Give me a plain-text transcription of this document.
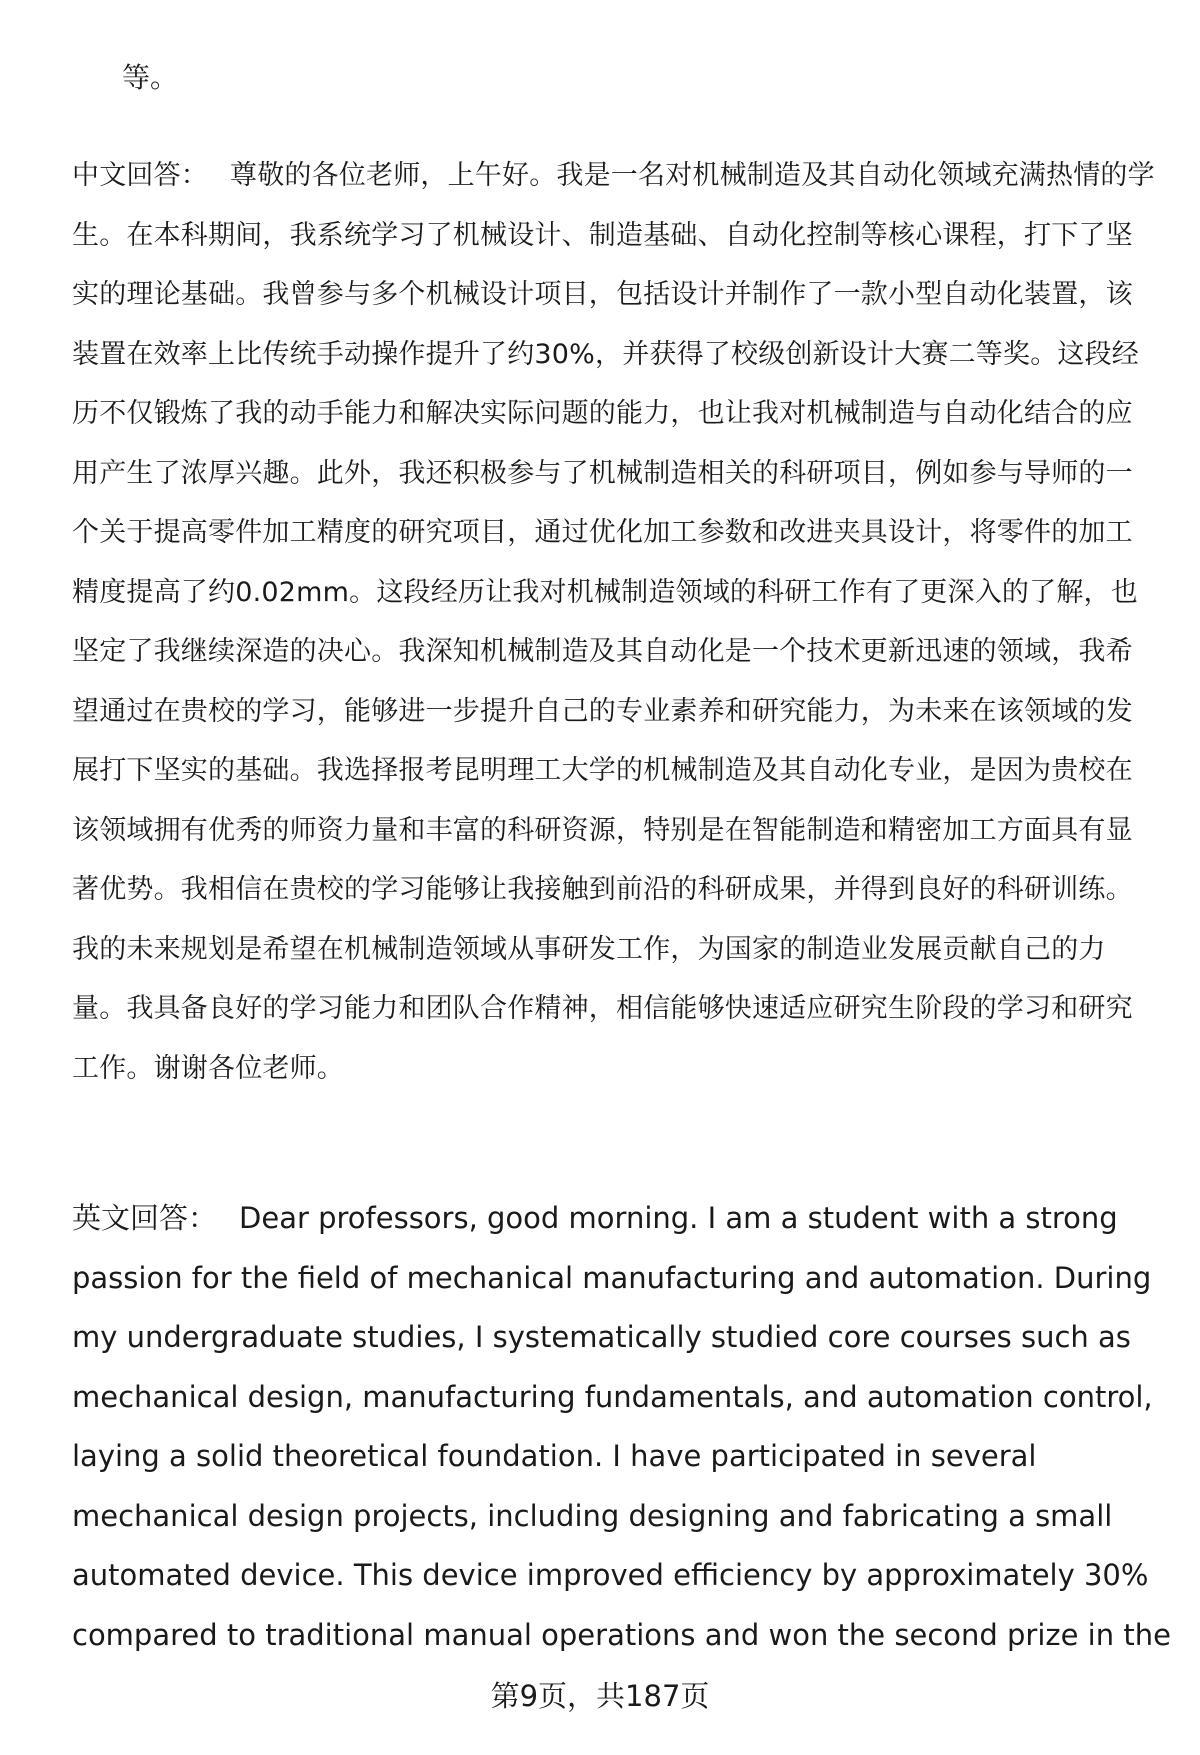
等。

中文回答： 尊敬的各位老师，上午好。我是一名对机械制造及其自动化领域充满热情的学生。在本科期间，我系统学习了机械设计、制造基础、自动化控制等核心课程，打下了坚实的理论基础。我曾参与多个机械设计项目，包括设计并制作了一款小型自动化装置，该装置在效率上比传统手动操作提升了约30%，并获得了校级创新设计大赛二等奖。这段经历不仅锻炼了我的动手能力和解决实际问题的能力，也让我对机械制造与自动化结合的应用产生了浓厚兴趣。此外，我还积极参与了机械制造相关的科研项目，例如参与导师的一个关于提高零件加工精度的研究项目，通过优化加工参数和改进夹具设计，将零件的加工精度提高了约0.02mm。这段经历让我对机械制造领域的科研工作有了更深入的了解，也坚定了我继续深造的决心。我深知机械制造及其自动化是一个技术更新迅速的领域，我希望通过在贵校的学习，能够进一步提升自己的专业素养和研究能力，为未来在该领域的发展打下坚实的基础。我选择报考昆明理工大学的机械制造及其自动化专业，是因为贵校在该领域拥有优秀的师资力量和丰富的科研资源，特别是在智能制造和精密加工方面具有显著优势。我相信在贵校的学习能够让我接触到前沿的科研成果，并得到良好的科研训练。我的未来规划是希望在机械制造领域从事研发工作，为国家的制造业发展贡献自己的力量。我具备良好的学习能力和团队合作精神，相信能够快速适应研究生阶段的学习和研究工作。谢谢各位老师。

英文回答： Dear professors, good morning. I am a student with a strong passion for the field of mechanical manufacturing and automation. During my undergraduate studies, I systematically studied core courses such as mechanical design, manufacturing fundamentals, and automation control, laying a solid theoretical foundation. I have participated in several mechanical design projects, including designing and fabricating a small automated device. This device improved efficiency by approximately 30% compared to traditional manual operations and won the second prize in the

第9页，共187页
